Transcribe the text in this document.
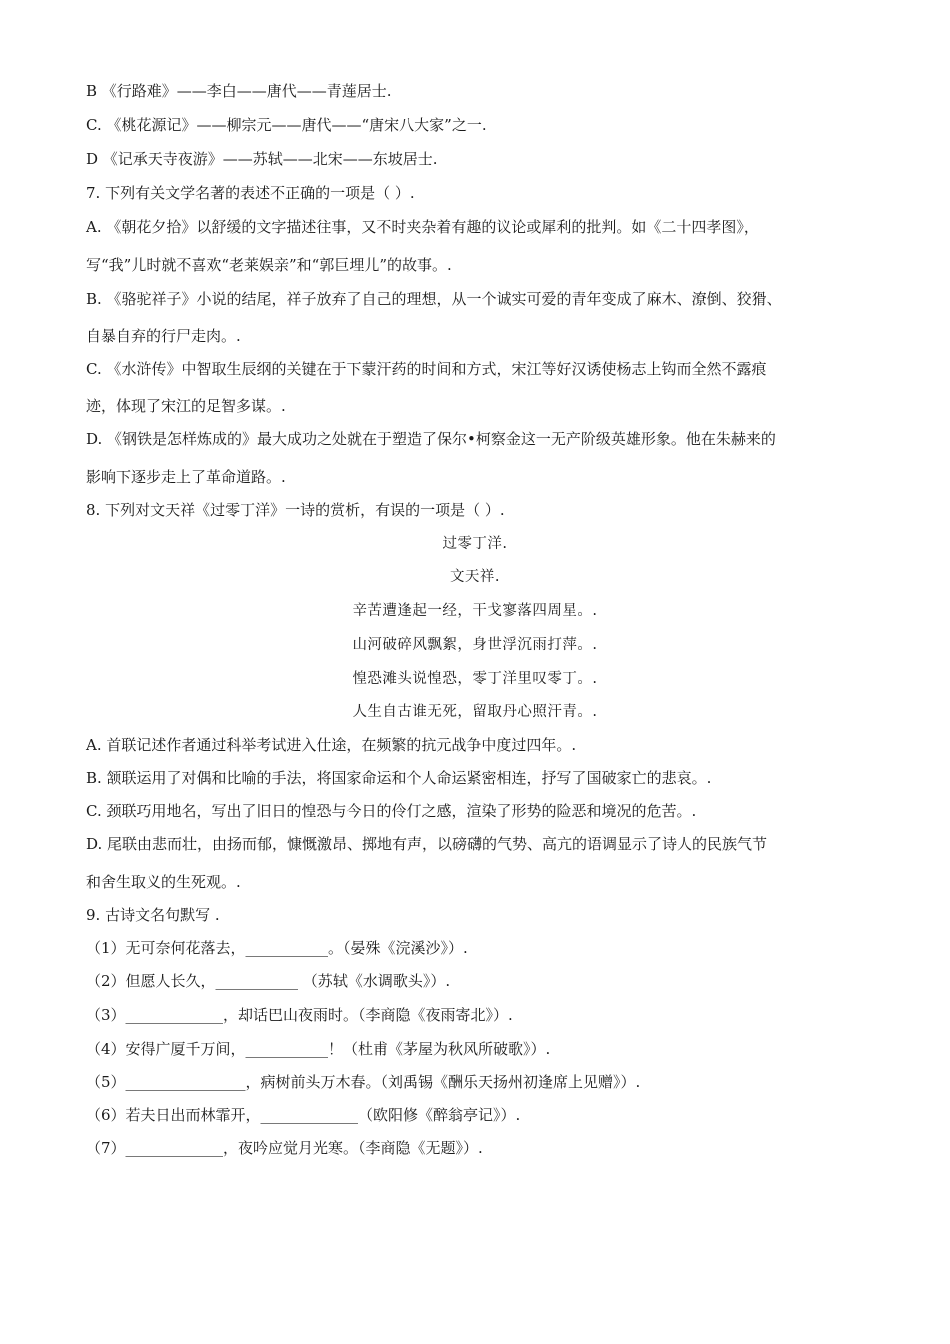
B 《行路难》——李白——唐代——青莲居士.
C. 《桃花源记》——柳宗元——唐代——“唐宋八大家”之一.
D 《记承天寺夜游》——苏轼——北宋——东坡居士.
7. 下列有关文学名著的表述不正确的一项是（ ）.
A. 《朝花夕拾》以舒缓的文字描述往事，又不时夹杂着有趣的议论或犀利的批判。如《二十四孝图》，
写“我”儿时就不喜欢“老莱娱亲”和“郭巨埋儿”的故事。.
B. 《骆驼祥子》小说的结尾，祥子放弃了自己的理想，从一个诚实可爱的青年变成了麻木、潦倒、狡猾、
自暴自弃的行尸走肉。.
C. 《水浒传》中智取生辰纲的关键在于下蒙汗药的时间和方式，宋江等好汉诱使杨志上钩而全然不露痕
迹，体现了宋江的足智多谋。.
D. 《钢铁是怎样炼成的》最大成功之处就在于塑造了保尔•柯察金这一无产阶级英雄形象。他在朱赫来的
影响下逐步走上了革命道路。.
8. 下列对文天祥《过零丁洋》一诗的赏析，有误的一项是（ ）.
过零丁洋.
文天祥.
辛苦遭逢起一经，干戈寥落四周星。.
山河破碎风飘絮，身世浮沉雨打萍。.
惶恐滩头说惶恐，零丁洋里叹零丁。.
人生自古谁无死，留取丹心照汗青。.
A. 首联记述作者通过科举考试进入仕途，在频繁的抗元战争中度过四年。.
B. 颔联运用了对偶和比喻的手法，将国家命运和个人命运紧密相连，抒写了国破家亡的悲哀。.
C. 颈联巧用地名，写出了旧日的惶恐与今日的伶仃之感，渲染了形势的险恶和境况的危苦。.
D. 尾联由悲而壮，由扬而郁，慷慨激昂、掷地有声，以磅礴的气势、高亢的语调显示了诗人的民族气节
和舍生取义的生死观。.
9. 古诗文名句默写 .
（1）无可奈何花落去，___________。（晏殊《浣溪沙》）.
（2）但愿人长久，___________ （苏轼《水调歌头》）.
（3）_____________，却话巴山夜雨时。（李商隐《夜雨寄北》）.
（4）安得广厦千万间，___________！（杜甫《茅屋为秋风所破歌》）.
（5）________________，病树前头万木春。（刘禹锡《酬乐天扬州初逢席上见赠》）.
（6）若夫日出而林霏开，_____________（欧阳修《醉翁亭记》）.
（7）_____________，夜吟应觉月光寒。（李商隐《无题》）.
